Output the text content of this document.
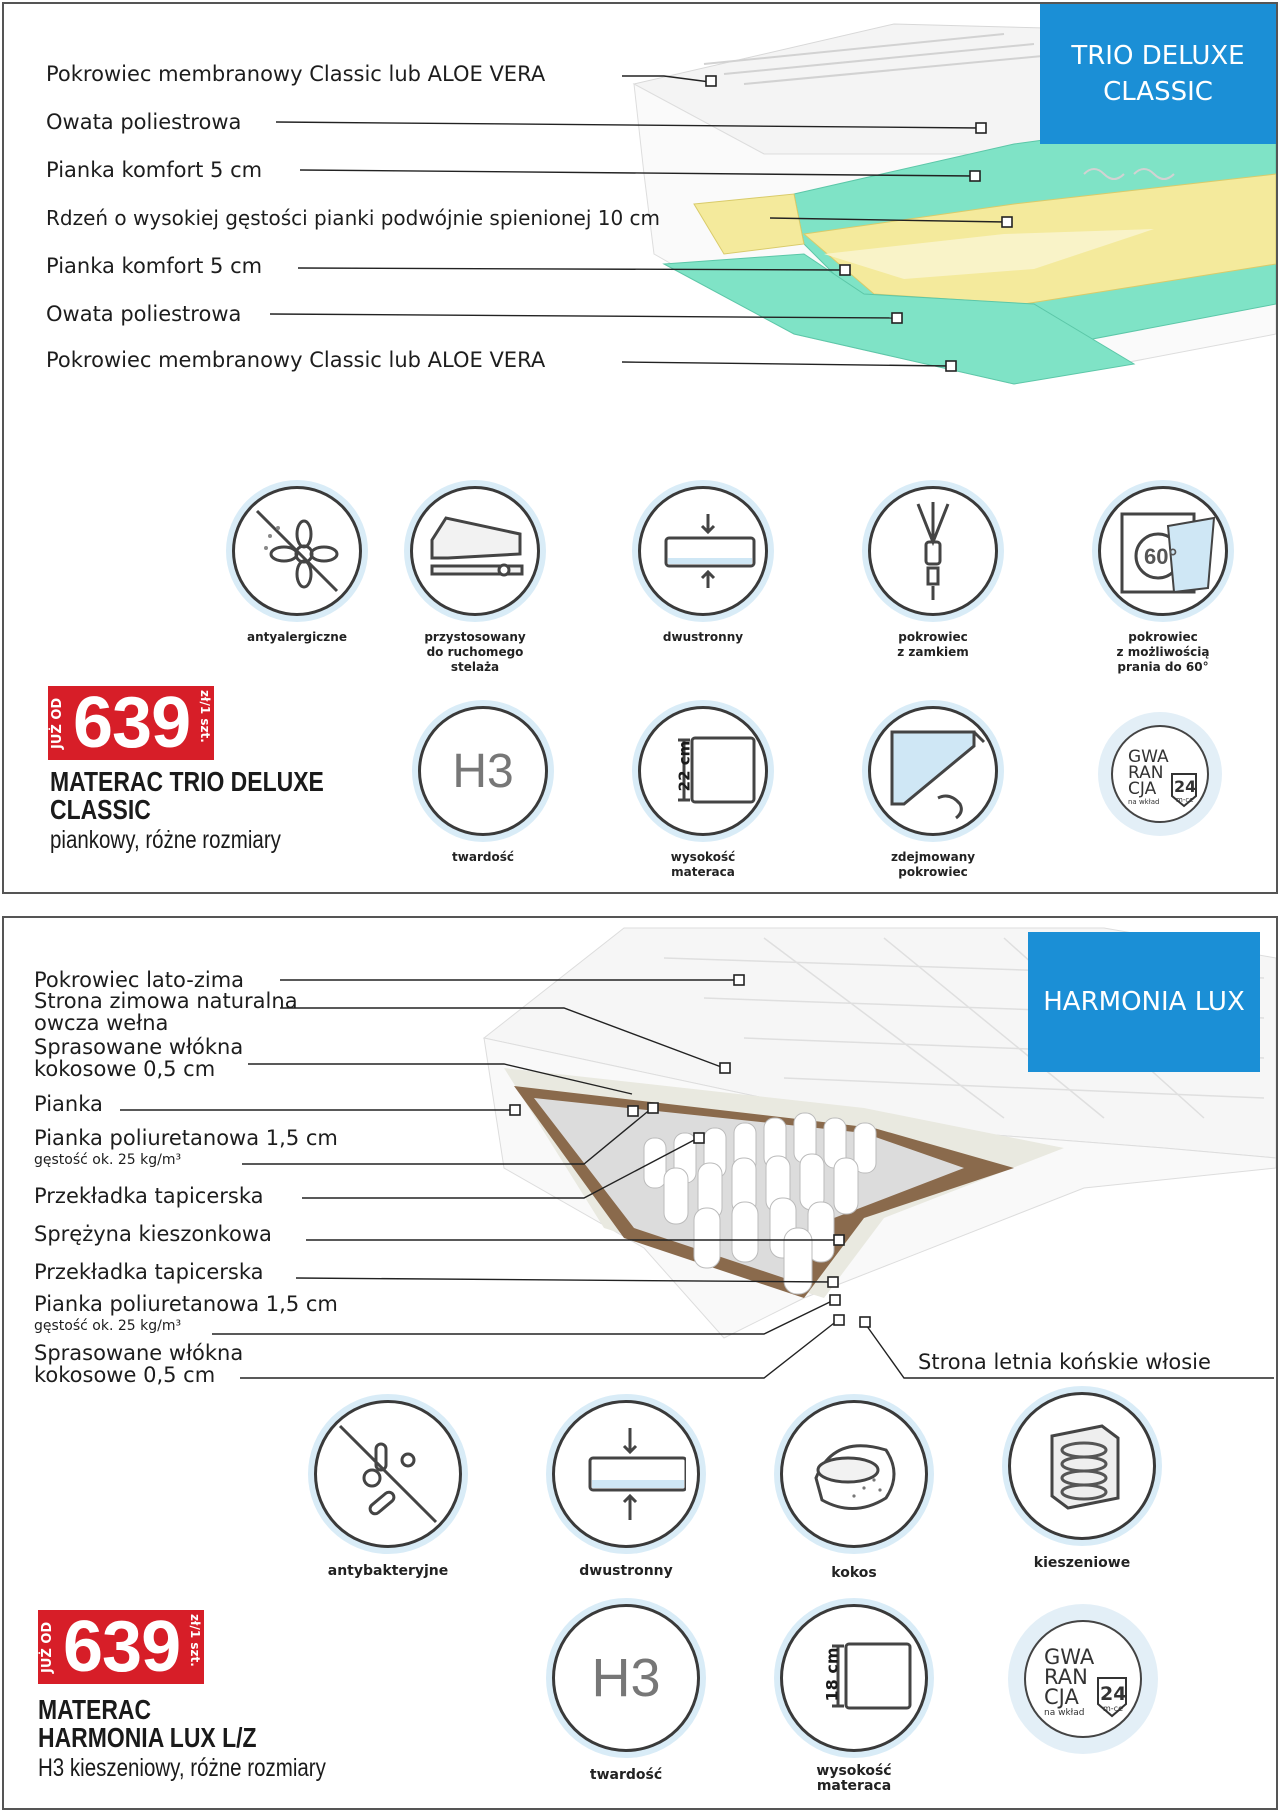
TRIO DELUXE
CLASSIC
Pokrowiec membranowy Classic lub ALOE VERA
Owata poliestrowa
Pianka komfort 5 cm
Rdzeń o wysokiej gęstości pianki podwójnie spienionej 10 cm
Pianka komfort 5 cm
Owata poliestrowa
Pokrowiec membranowy Classic lub ALOE VERA
antyalergiczne	przystosowany
do ruchomego
stelaża
dwustronny	pokrowiec
z zamkiem
60°
pokrowiec
z możliwością
prania do 60°
H3
twardość
22 cm
wysokość
materaca
zdejmowany
pokrowiec
GWA
RAN
CJA
na wkład
24
m-ce
JUŻ OD 639 zł/1 szt.
MATERAC TRIO DELUXE
CLASSIC
piankowy, różne rozmiary
HARMONIA LUX
Pokrowiec lato-zima
Strona zimowa naturalna
owcza wełna
Sprasowane włókna
kokosowe 0,5 cm
Pianka
Pianka poliuretanowa 1,5 cm
gęstość ok. 25 kg/m³
Przekładka tapicerska
Sprężyna kieszonkowa
Przekładka tapicerska
Pianka poliuretanowa 1,5 cm
gęstość ok. 25 kg/m³
Sprasowane włókna
kokosowe 0,5 cm
Strona letnia końskie włosie
antybakteryjne	dwustronny	kokos
kieszeniowe
H3
twardość
18 cm
wysokość
materaca
GWA
RAN
CJA
na wkład
24
m-ce
JUŻ OD 639 zł/1 szt.
MATERAC
HARMONIA LUX L/Z
H3 kieszeniowy, różne rozmiary
